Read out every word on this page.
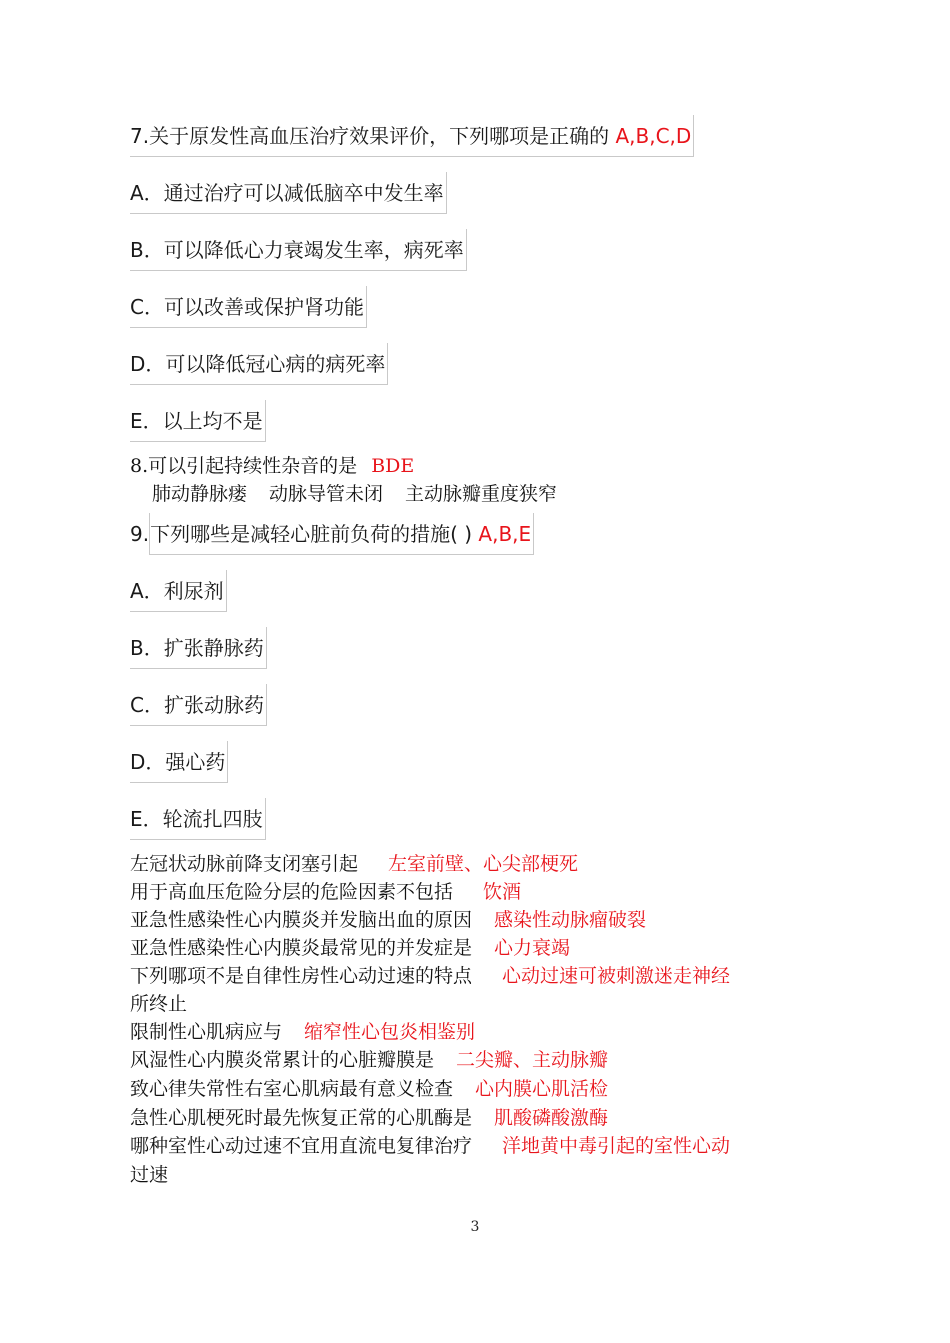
7.关于原发性高血压治疗效果评价，下列哪项是正确的 A,B,C,D
A．通过治疗可以减低脑卒中发生率
B．可以降低心力衰竭发生率，病死率
C．可以改善或保护肾功能
D．可以降低冠心病的病死率
E．以上均不是
8.可以引起持续性杂音的是 BDE
肺动静脉瘘 动脉导管未闭 主动脉瓣重度狭窄
9.下列哪些是减轻心脏前负荷的措施( ) A,B,E
A．利尿剂
B．扩张静脉药
C．扩张动脉药
D．强心药
E．轮流扎四肢
左冠状动脉前降支闭塞引起 左室前壁、心尖部梗死
用于高血压危险分层的危险因素不包括 饮酒
亚急性感染性心内膜炎并发脑出血的原因 感染性动脉瘤破裂
亚急性感染性心内膜炎最常见的并发症是 心力衰竭
下列哪项不是自律性房性心动过速的特点 心动过速可被刺激迷走神经
所终止
限制性心肌病应与 缩窄性心包炎相鉴别
风湿性心内膜炎常累计的心脏瓣膜是 二尖瓣、主动脉瓣
致心律失常性右室心肌病最有意义检查 心内膜心肌活检
急性心肌梗死时最先恢复正常的心肌酶是 肌酸磷酸激酶
哪种室性心动过速不宜用直流电复律治疗 洋地黄中毒引起的室性心动
过速
3
